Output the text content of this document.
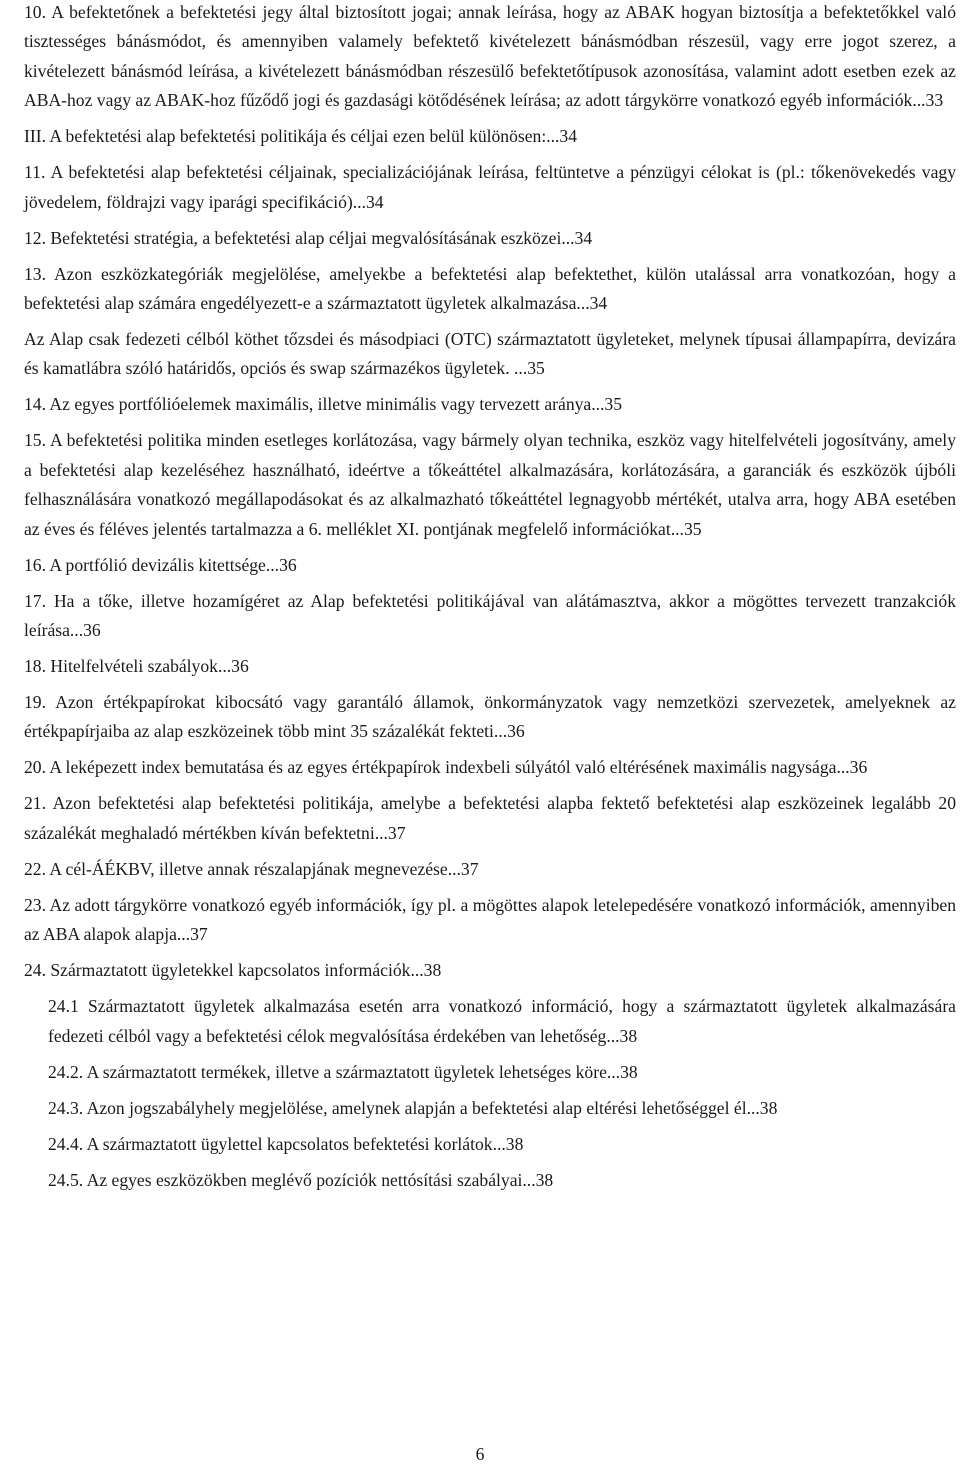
10. A befektetőnek a befektetési jegy által biztosított jogai; annak leírása, hogy az ABAK hogyan biztosítja a befektetőkkel való tisztességes bánásmódot, és amennyiben valamely befektető kivételezett bánásmódban részesül, vagy erre jogot szerez, a kivételezett bánásmód leírása, a kivételezett bánásmódban részesülő befektetőtípusok azonosítása, valamint adott esetben ezek az ABA-hoz vagy az ABAK-hoz fűződő jogi és gazdasági kötődésének leírása; az adott tárgykörre vonatkozó egyéb információk...33

III. A befektetési alap befektetési politikája és céljai ezen belül különösen:...34

11. A befektetési alap befektetési céljainak, specializációjának leírása, feltüntetve a pénzügyi célokat is (pl.: tőkenövekedés vagy jövedelem, földrajzi vagy iparági specifikáció)...34

12. Befektetési stratégia, a befektetési alap céljai megvalósításának eszközei...34

13. Azon eszközkategóriák megjelölése, amelyekbe a befektetési alap befektethet, külön utalással arra vonatkozóan, hogy a befektetési alap számára engedélyezett-e a származtatott ügyletek alkalmazása...34

Az Alap csak fedezeti célból köthet tőzsdei és másodpiaci (OTC) származtatott ügyleteket, melynek típusai állampapírra, devizára és kamatlábra szóló határidős, opciós és swap származékos ügyletek. ...35

14. Az egyes portfólióelemek maximális, illetve minimális vagy tervezett aránya...35

15. A befektetési politika minden esetleges korlátozása, vagy bármely olyan technika, eszköz vagy hitelfelvételi jogosítvány, amely a befektetési alap kezeléséhez használható, ideértve a tőkeáttétel alkalmazására, korlátozására, a garanciák és eszközök újbóli felhasználására vonatkozó megállapodásokat és az alkalmazható tőkeáttétel legnagyobb mértékét, utalva arra, hogy ABA esetében az éves és féléves jelentés tartalmazza a 6. melléklet XI. pontjának megfelelő információkat...35

16. A portfólió devizális kitettsége...36

17. Ha a tőke, illetve hozamígéret az Alap befektetési politikájával van alátámasztva, akkor a mögöttes tervezett tranzakciók leírása...36

18. Hitelfelvételi szabályok...36

19. Azon értékpapírokat kibocsátó vagy garantáló államok, önkormányzatok vagy nemzetközi szervezetek, amelyeknek az értékpapírjaiba az alap eszközeinek több mint 35 százalékát fekteti...36

20. A leképezett index bemutatása és az egyes értékpapírok indexbeli súlyától való eltérésének maximális nagysága...36

21. Azon befektetési alap befektetési politikája, amelybe a befektetési alapba fektető befektetési alap eszközeinek legalább 20 százalékát meghaladó mértékben kíván befektetni...37

22. A cél-ÁÉKBV, illetve annak részalapjának megnevezése...37

23. Az adott tárgykörre vonatkozó egyéb információk, így pl. a mögöttes alapok letelepedésére vonatkozó információk, amennyiben az ABA alapok alapja...37

24. Származtatott ügyletekkel kapcsolatos információk...38

24.1 Származtatott ügyletek alkalmazása esetén arra vonatkozó információ, hogy a származtatott ügyletek alkalmazására fedezeti célból vagy a befektetési célok megvalósítása érdekében van lehetőség...38

24.2. A származtatott termékek, illetve a származtatott ügyletek lehetséges köre...38

24.3. Azon jogszabályhely megjelölése, amelynek alapján a befektetési alap eltérési lehetőséggel él...38

24.4. A származtatott ügylettel kapcsolatos befektetési korlátok...38

24.5. Az egyes eszközökben meglévő pozíciók nettósítási szabályai...38

6
